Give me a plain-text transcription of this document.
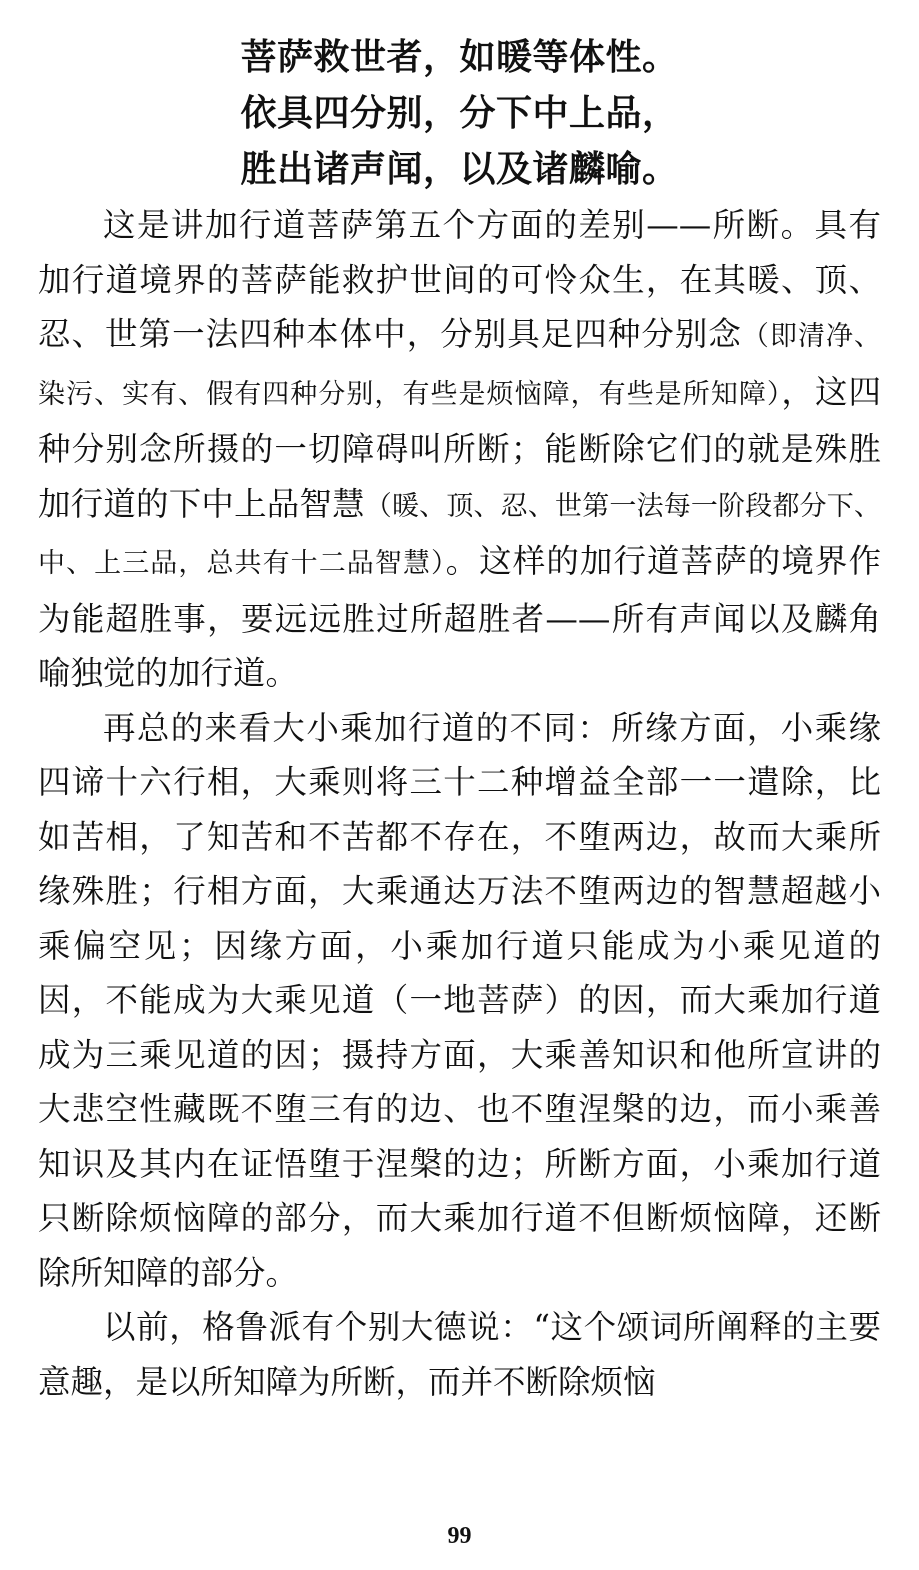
菩萨救世者，如暖等体性。
依具四分别，分下中上品，
胜出诸声闻，以及诸麟喻。

这是讲加行道菩萨第五个方面的差别——所断。具有加行道境界的菩萨能救护世间的可怜众生，在其暖、顶、忍、世第一法四种本体中，分别具足四种分别念（即清净、染污、实有、假有四种分别，有些是烦恼障，有些是所知障），这四种分别念所摄的一切障碍叫所断；能断除它们的就是殊胜加行道的下中上品智慧（暖、顶、忍、世第一法每一阶段都分下、中、上三品，总共有十二品智慧）。这样的加行道菩萨的境界作为能超胜事，要远远胜过所超胜者——所有声闻以及麟角喻独觉的加行道。

再总的来看大小乘加行道的不同：所缘方面，小乘缘四谛十六行相，大乘则将三十二种增益全部一一遣除，比如苦相，了知苦和不苦都不存在，不堕两边，故而大乘所缘殊胜；行相方面，大乘通达万法不堕两边的智慧超越小乘偏空见；因缘方面，小乘加行道只能成为小乘见道的因，不能成为大乘见道（一地菩萨）的因，而大乘加行道成为三乘见道的因；摄持方面，大乘善知识和他所宣讲的大悲空性藏既不堕三有的边、也不堕涅槃的边，而小乘善知识及其内在证悟堕于涅槃的边；所断方面，小乘加行道只断除烦恼障的部分，而大乘加行道不但断烦恼障，还断除所知障的部分。

以前，格鲁派有个别大德说：“这个颂词所阐释的主要意趣，是以所知障为所断，而并不断除烦恼

99
